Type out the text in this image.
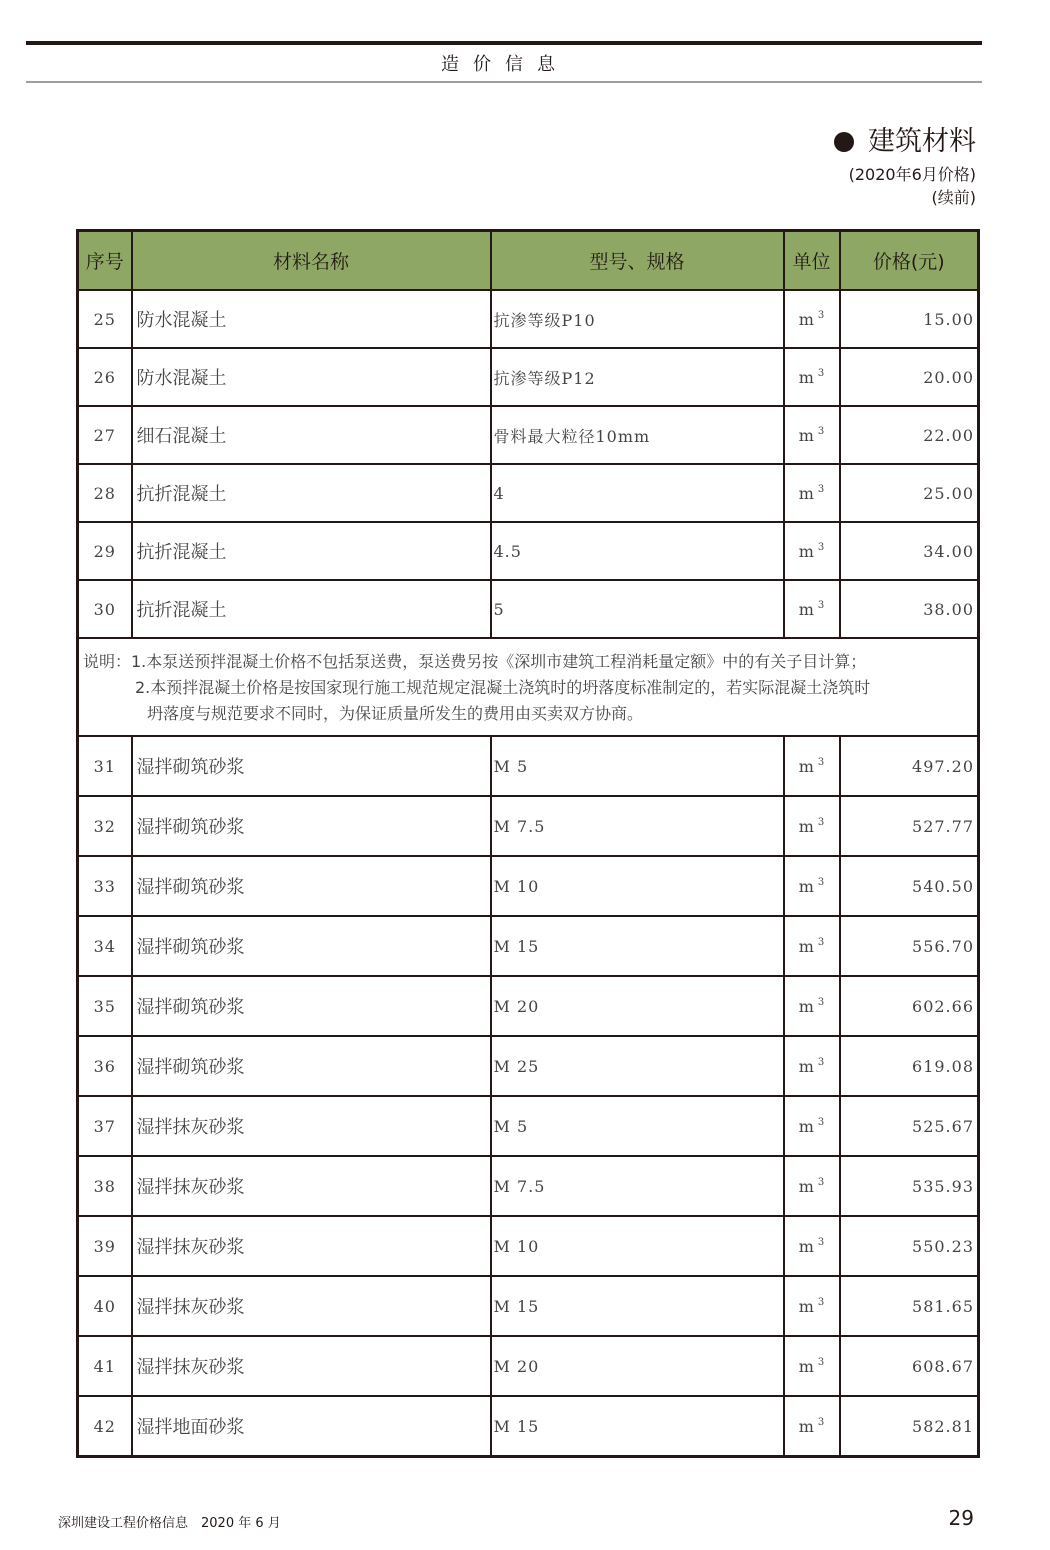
造价信息
建筑材料
(2020年6月价格)
(续前)
序号	材料名称	型号、规格	单位	价格(元)
25	防水混凝土	抗渗等级P10	m $^3$	15.00
26	防水混凝土	抗渗等级P12	m $^3$	20.00
27	细石混凝土	骨料最大粒径10mm	m $^3$	22.00
28	抗折混凝土	4	m $^3$	25.00
29	抗折混凝土	4.5	m $^3$	34.00
30	抗折混凝土	5	m $^3$	38.00

说明：1.本泵送预拌混凝土价格不包括泵送费，泵送费另按《深圳市建筑工程消耗量定额》中的有关子目计算；
2.本预拌混凝土价格是按国家现行施工规范规定混凝土浇筑时的坍落度标准制定的，若实际混凝土浇筑时
坍落度与规范要求不同时，为保证质量所发生的费用由买卖双方协商。				

31	湿拌砌筑砂浆	M 5	m $^3$	497.20
32	湿拌砌筑砂浆	M 7.5	m $^3$	527.77
33	湿拌砌筑砂浆	M 10	m $^3$	540.50
34	湿拌砌筑砂浆	M 15	m $^3$	556.70
35	湿拌砌筑砂浆	M 20	m $^3$	602.66
36	湿拌砌筑砂浆	M 25	m $^3$	619.08
37	湿拌抹灰砂浆	M 5	m $^3$	525.67
38	湿拌抹灰砂浆	M 7.5	m $^3$	535.93
39	湿拌抹灰砂浆	M 10	m $^3$	550.23
40	湿拌抹灰砂浆	M 15	m $^3$	581.65
41	湿拌抹灰砂浆	M 20	m $^3$	608.67
42	湿拌地面砂浆	M 15	m $^3$	582.81
深圳建设工程价格信息　2020 年 6 月	29
